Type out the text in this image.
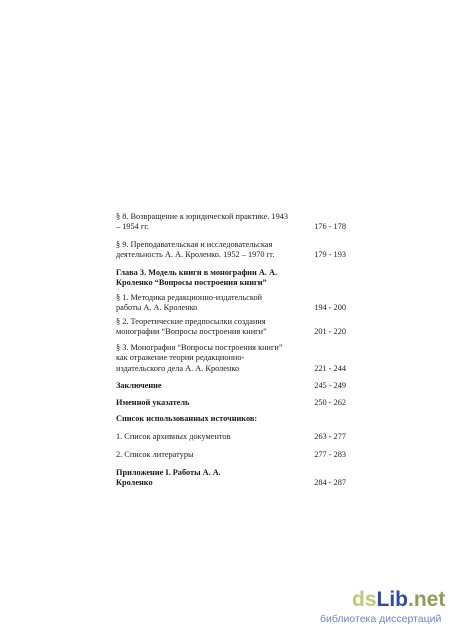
§ 8. Возвращение к юридической практике. 1943 – 1954 гг.	176 - 178
§ 9. Преподавательская и исследовательская деятельность А. А. Кроленко. 1952 – 1970 гг.	179 - 193
Глава 3. Модель книги в монографии А. А. Кроленко “Вопросы построения книги”
§ 1. Методика редакционно-издательской работы А. А. Кроленко	194 - 200
§ 2. Теоретические предпосылки создания монографии “Вопросы построения книги”	201 - 220
§ 3. Монография “Вопросы построения книги” как отражение теории редакционно-издательского дела А. А. Кроленко	221 - 244
Заключение	245 - 249
Именной указатель	250 - 262
Список использованных источников:
1. Список архивных документов	263 - 277
2. Список литературы	277 - 283
Приложение I. Работы А. А. Кроленко	284 - 287
ds Lib .net
библиотека диссертаций
